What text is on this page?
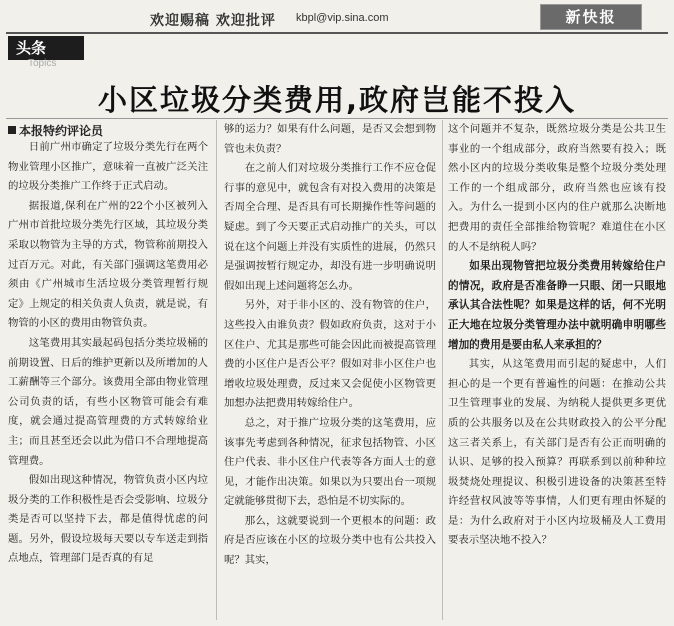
欢迎赐稿 欢迎批评 kbpl@vip.sina.com	新快报
头条
Topics
小区垃圾分类费用,政府岂能不投入
本报特约评论员

日前广州市确定了垃圾分类先行在两个物业管理小区推广，意味着一直被广泛关注的垃圾分类推广工作终于正式启动。

据报道,保利在广州的22个小区被列入广州市首批垃圾分类先行区域，其垃圾分类采取以物管为主导的方式，物管称前期投入过百万元。对此，有关部门强调这笔费用必须由《广州城市生活垃圾分类管理暂行规定》上规定的相关负责人负责，就是说，有物管的小区的费用由物管负责。

这笔费用其实最起码包括分类垃圾桶的前期设置、日后的维护更新以及所增加的人工薪酬等三个部分。该费用全部由物业管理公司负责的话，有些小区物管可能会有难度，就会通过提高管理费的方式转嫁给业主；而且甚至还会以此为借口不合理地提高管理费。

假如出现这种情况，物管负责小区内垃圾分类的工作积极性是否会受影响、垃圾分类是否可以坚持下去，都是值得忧虑的问题。另外，假设垃圾每天要以专车送走到指点地点，管理部门是否真的有足

够的运力？如果有什么问题，是否又会想到物管也未负责？

在之前人们对垃圾分类推行工作不应仓促行事的意见中，就包含有对投入费用的决策是否周全合理、是否具有可长期操作性等问题的疑虑。到了今天要正式启动推广的关头，可以说在这个问题上并没有实质性的进展，仍然只是强调按暂行规定办，却没有进一步明确说明假如出现上述问题将怎么办。

另外，对于非小区的、没有物管的住户，这些投入由谁负责？假如政府负责，这对于小区住户、尤其是那些可能会因此而被提高管理费的小区住户是否公平？假如对非小区住户也增收垃圾处理费，反过来又会促使小区物管更加想办法把费用转嫁给住户。

总之，对于推广垃圾分类的这笔费用，应该事先考虑到各种情况，征求包括物管、小区住户代表、非小区住户代表等各方面人士的意见，才能作出决策。如果以为只要出台一项规定就能够贯彻下去，恐怕是不切实际的。

那么，这就要说到一个更根本的问题：政府是否应该在小区的垃圾分类中也有公共投入呢？其实，

这个问题并不复杂，既然垃圾分类是公共卫生事业的一个组成部分，政府当然要有投入；既然小区内的垃圾分类收集是整个垃圾分类处理工作的一个组成部分，政府当然也应该有投入。为什么一提到小区内的住户就那么决断地把费用的责任全部推给物管呢？难道住在小区的人不是纳税人吗？

如果出现物管把垃圾分类费用转嫁给住户的情况，政府是否准备睁一只眼、闭一只眼地承认其合法性呢？如果是这样的话，何不光明正大地在垃圾分类管理办法中就明确申明哪些增加的费用是要由私人来承担的？

其实，从这笔费用而引起的疑虑中，人们担心的是一个更有普遍性的问题：在推动公共卫生管理事业的发展、为纳税人提供更多更优质的公共服务以及在公共财政投入的公平分配这三者关系上，有关部门是否有公正而明确的认识、足够的投入预算？再联系到以前种种垃圾焚烧处理提议、积极引进设备的决策甚至特许经营权风波等等事情，人们更有理由怀疑的是：为什么政府对于小区内垃圾桶及人工费用要表示坚决地不投入？
